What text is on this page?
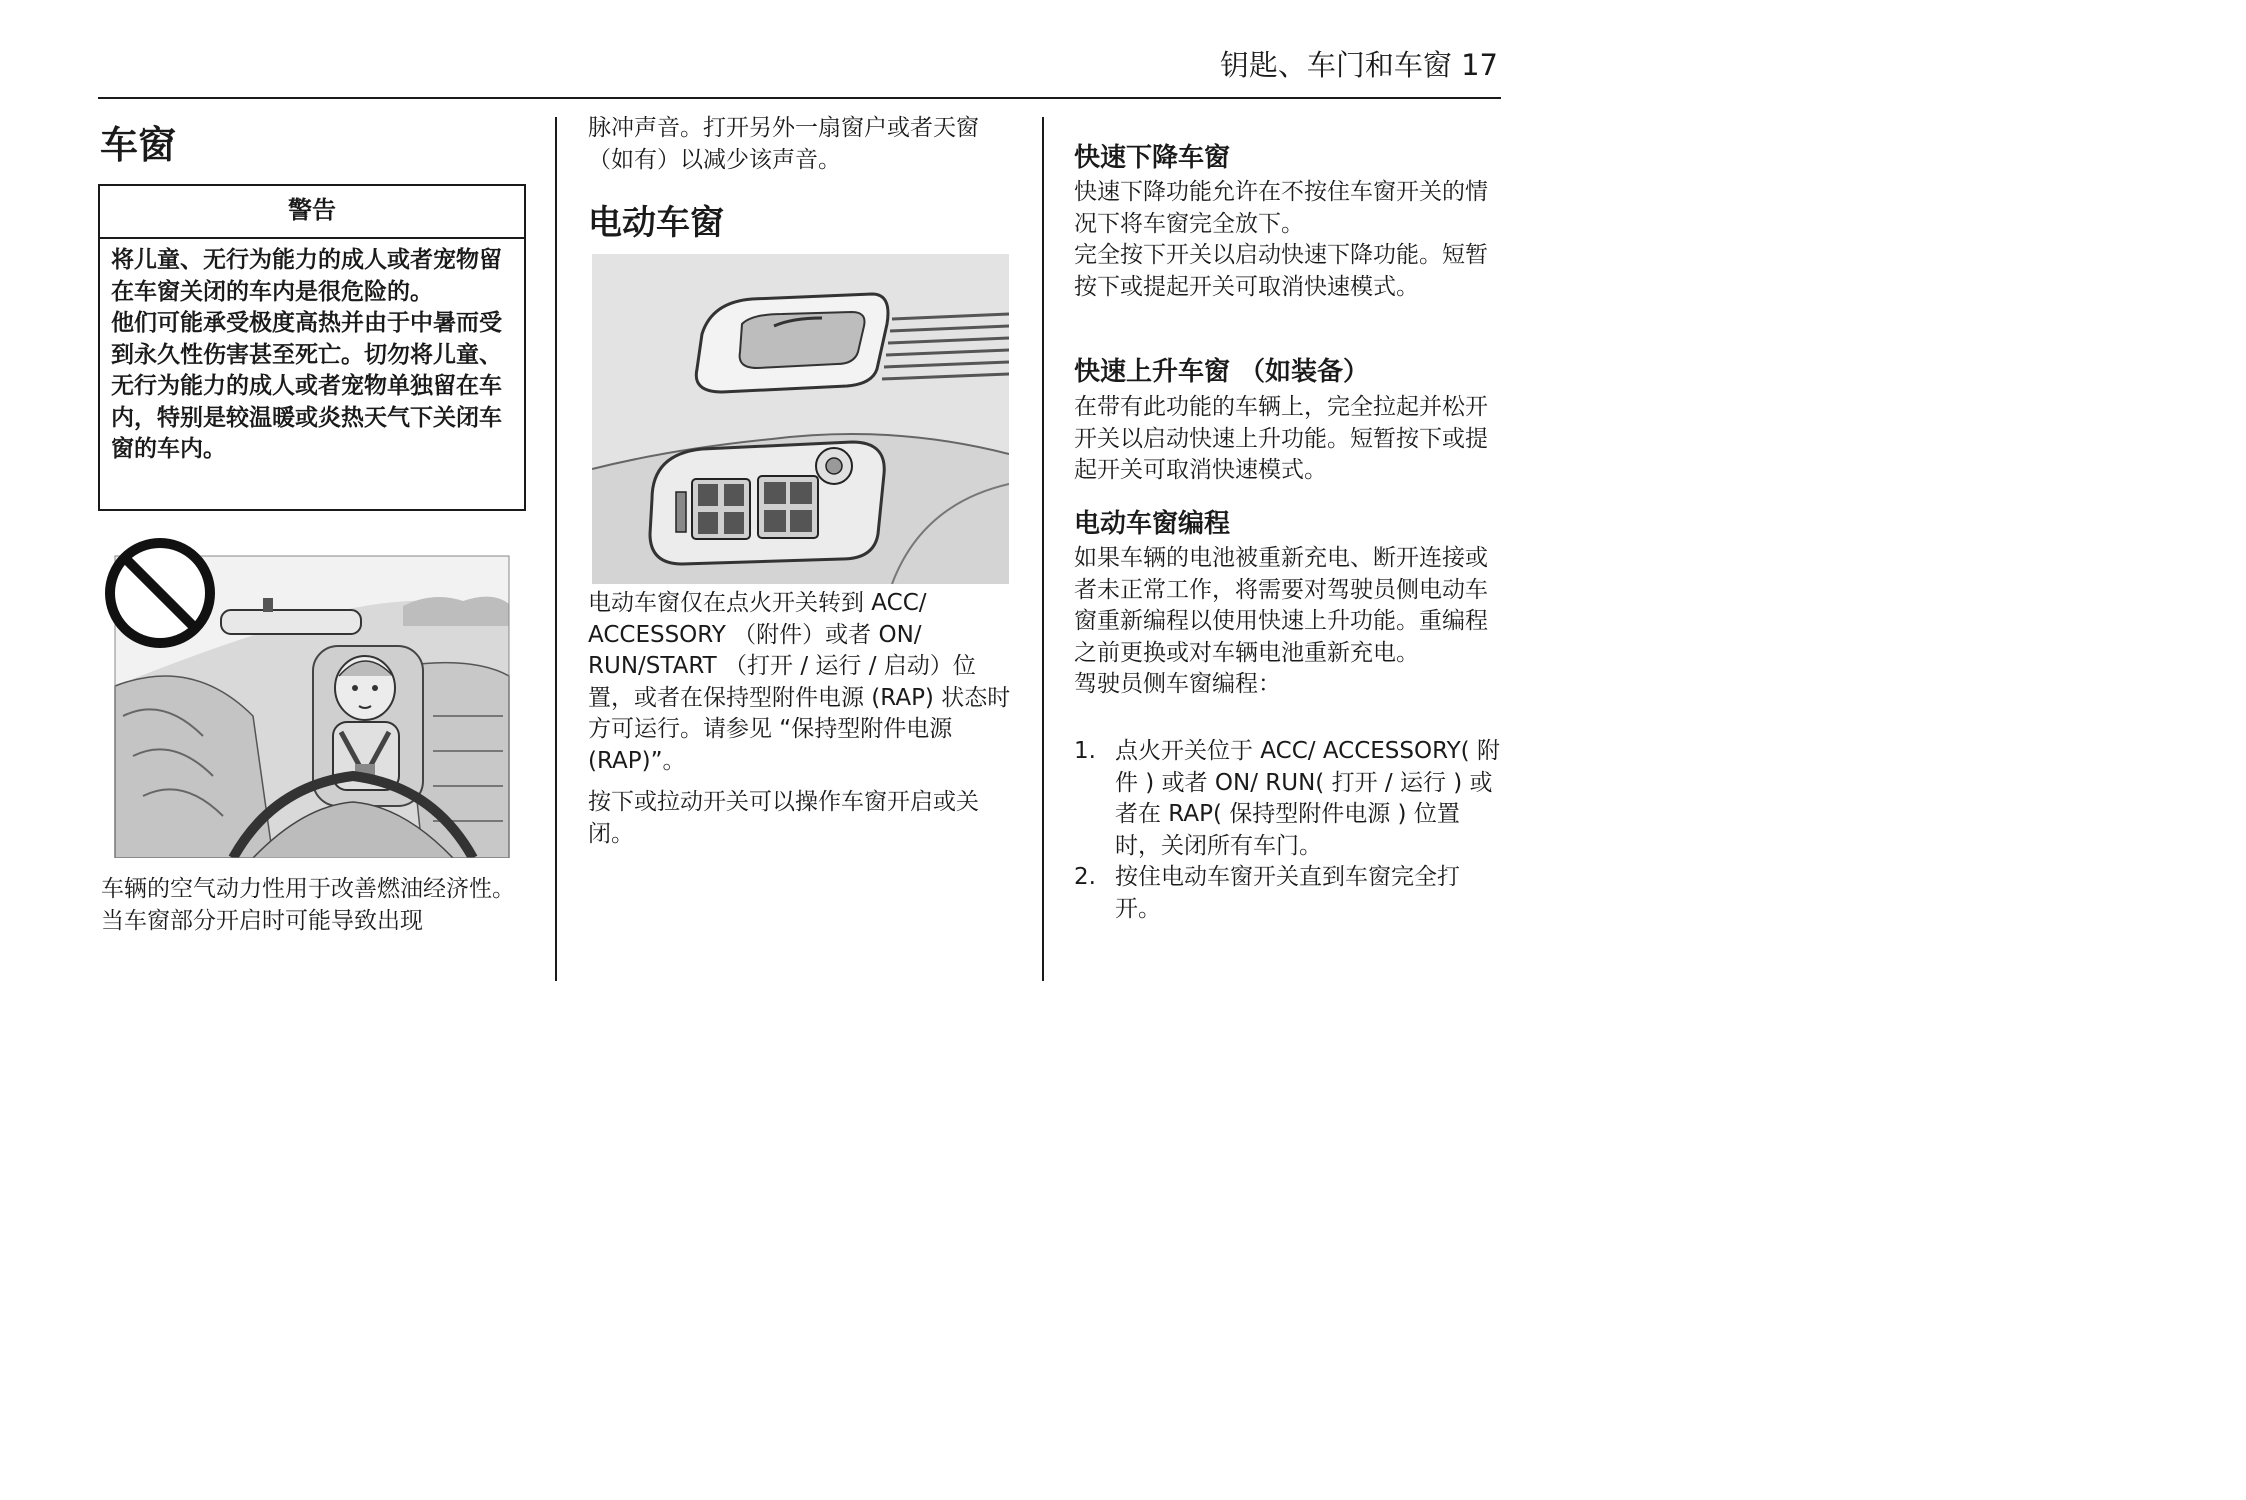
钥匙、车门和车窗 17
车窗
警告

将儿童、无行为能力的成人或者宠物留在车窗关闭的车内是很危险的。

他们可能承受极度高热并由于中暑而受到永久性伤害甚至死亡。切勿将儿童、无行为能力的成人或者宠物单独留在车内，特别是较温暖或炎热天气下关闭车窗的车内。

车辆的空气动力性用于改善燃油经济性。当车窗部分开启时可能导致出现
脉冲声音。打开另外一扇窗户或者天窗 （如有）以减少该声音。
电动车窗
电动车窗仅在点火开关转到 ACC/ ACCESSORY （附件）或者 ON/ RUN/START （打开 / 运行 / 启动）位置，或者在保持型附件电源 (RAP) 状态时方可运行。请参见 “保持型附件电源 (RAP)”。
按下或拉动开关可以操作车窗开启或关闭。
快速下降车窗

快速下降功能允许在不按住车窗开关的情况下将车窗完全放下。

完全按下开关以启动快速下降功能。短暂按下或提起开关可取消快速模式。

快速上升车窗 （如装备）

在带有此功能的车辆上，完全拉起并松开开关以启动快速上升功能。短暂按下或提起开关可取消快速模式。

电动车窗编程

如果车辆的电池被重新充电、断开连接或者未正常工作，将需要对驾驶员侧电动车窗重新编程以使用快速上升功能。重编程之前更换或对车辆电池重新充电。

驾驶员侧车窗编程：

1. 点火开关位于 ACC/ ACCESSORY( 附件 ) 或者 ON/ RUN( 打开 / 运行 ) 或者在 RAP( 保持型附件电源 ) 位置时，关闭所有车门。
2. 按住电动车窗开关直到车窗完全打开。
